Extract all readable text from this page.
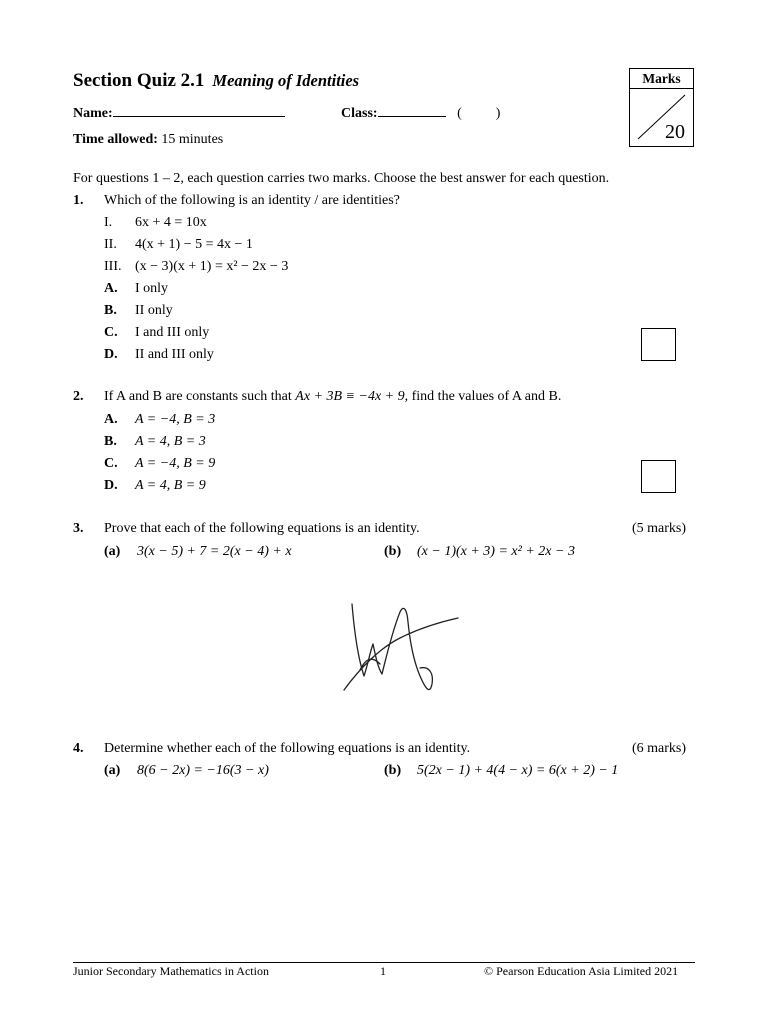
Section Quiz 2.1 Meaning of Identities
Name:	Class:	( )
Time allowed: 15 minutes
Marks
20
For questions 1 – 2, each question carries two marks. Choose the best answer for each question.
1. Which of the following is an identity / are identities?
I. 6x + 4 = 10x
II. 4(x + 1) − 5 = 4x − 1
III. (x − 3)(x + 1) = x² − 2x − 3
A. I only
B. II only
C. I and III only
D. II and III only
2. If A and B are constants such that Ax + 3B ≡ −4x + 9, find the values of A and B.
A. A = −4, B = 3
B. A = 4, B = 3
C. A = −4, B = 9
D. A = 4, B = 9
3. Prove that each of the following equations is an identity.	(5 marks)
(a) 3(x − 5) + 7 = 2(x − 4) + x	(b) (x − 1)(x + 3) = x² + 2x − 3
4. Determine whether each of the following equations is an identity.	(6 marks)
(a) 8(6 − 2x) = −16(3 − x)	(b) 5(2x − 1) + 4(4 − x) = 6(x + 2) − 1
Junior Secondary Mathematics in Action	1	© Pearson Education Asia Limited 2021
